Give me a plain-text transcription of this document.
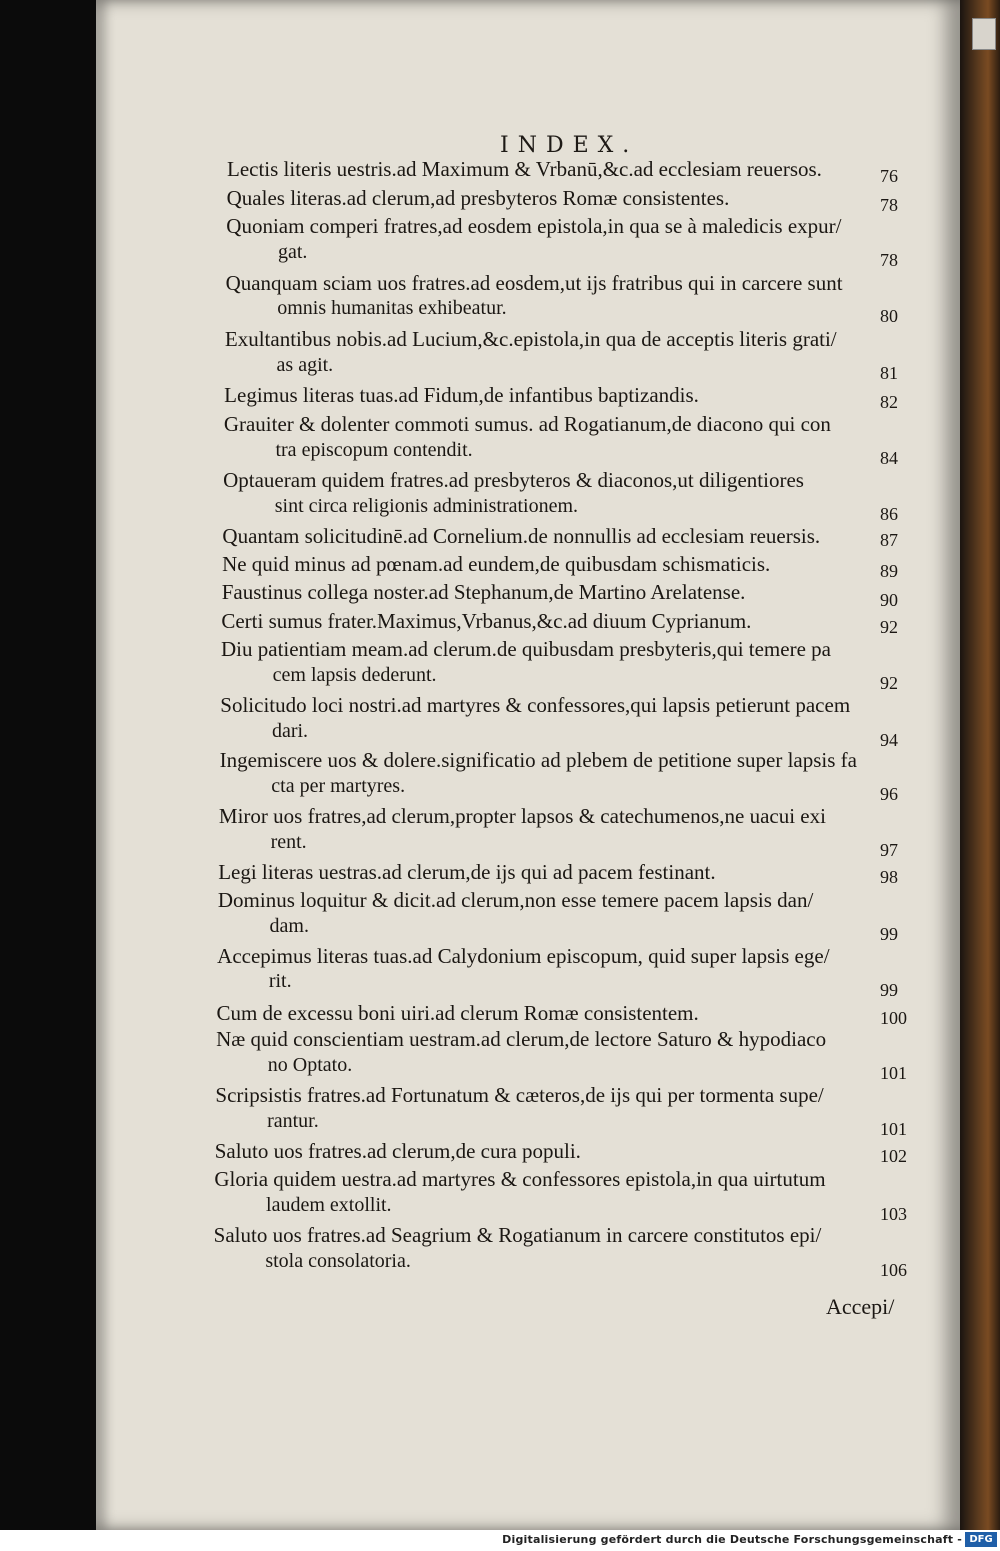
INDEX.
Lectis literis uestris.ad Maximum & Vrbanū,&c.ad ecclesiam reuersos.	76
Quales literas.ad clerum,ad presbyteros Romæ consistentes.	78
Quoniam comperi fratres,ad eosdem epistola,in qua se à maledicis expur/
gat.	78
Quanquam sciam uos fratres.ad eosdem,ut ijs fratribus qui in carcere sunt
omnis humanitas exhibeatur.	80
Exultantibus nobis.ad Lucium,&c.epistola,in qua de acceptis literis grati/
as agit.	81
Legimus literas tuas.ad Fidum,de infantibus baptizandis.	82
Grauiter & dolenter commoti sumus. ad Rogatianum,de diacono qui con
tra episcopum contendit.	84
Optaueram quidem fratres.ad presbyteros & diaconos,ut diligentiores
sint circa religionis administrationem.	86
Quantam solicitudinē.ad Cornelium.de nonnullis ad ecclesiam reuersis.	87
Ne quid minus ad pœnam.ad eundem,de quibusdam schismaticis.	89
Faustinus collega noster.ad Stephanum,de Martino Arelatense.	90
Certi sumus frater.Maximus,Vrbanus,&c.ad diuum Cyprianum.	92
Diu patientiam meam.ad clerum.de quibusdam presbyteris,qui temere pa
cem lapsis dederunt.	92
Solicitudo loci nostri.ad martyres & confessores,qui lapsis petierunt pacem
dari.	94
Ingemiscere uos & dolere.significatio ad plebem de petitione super lapsis fa
cta per martyres.	96
Miror uos fratres,ad clerum,propter lapsos & catechumenos,ne uacui exi
rent.	97
Legi literas uestras.ad clerum,de ijs qui ad pacem festinant.	98
Dominus loquitur & dicit.ad clerum,non esse temere pacem lapsis dan/
dam.	99
Accepimus literas tuas.ad Calydonium episcopum, quid super lapsis ege/
rit.	99
Cum de excessu boni uiri.ad clerum Romæ consistentem.	100
Næ quid conscientiam uestram.ad clerum,de lectore Saturo & hypodiaco
no Optato.	101
Scripsistis fratres.ad Fortunatum & cæteros,de ijs qui per tormenta supe/
rantur.	101
Saluto uos fratres.ad clerum,de cura populi.	102
Gloria quidem uestra.ad martyres & confessores epistola,in qua uirtutum
laudem extollit.	103
Saluto uos fratres.ad Seagrium & Rogatianum in carcere constitutos epi/
stola consolatoria.	106
Accepi/
Digitalisierung gefördert durch die Deutsche Forschungsgemeinschaft - DFG
